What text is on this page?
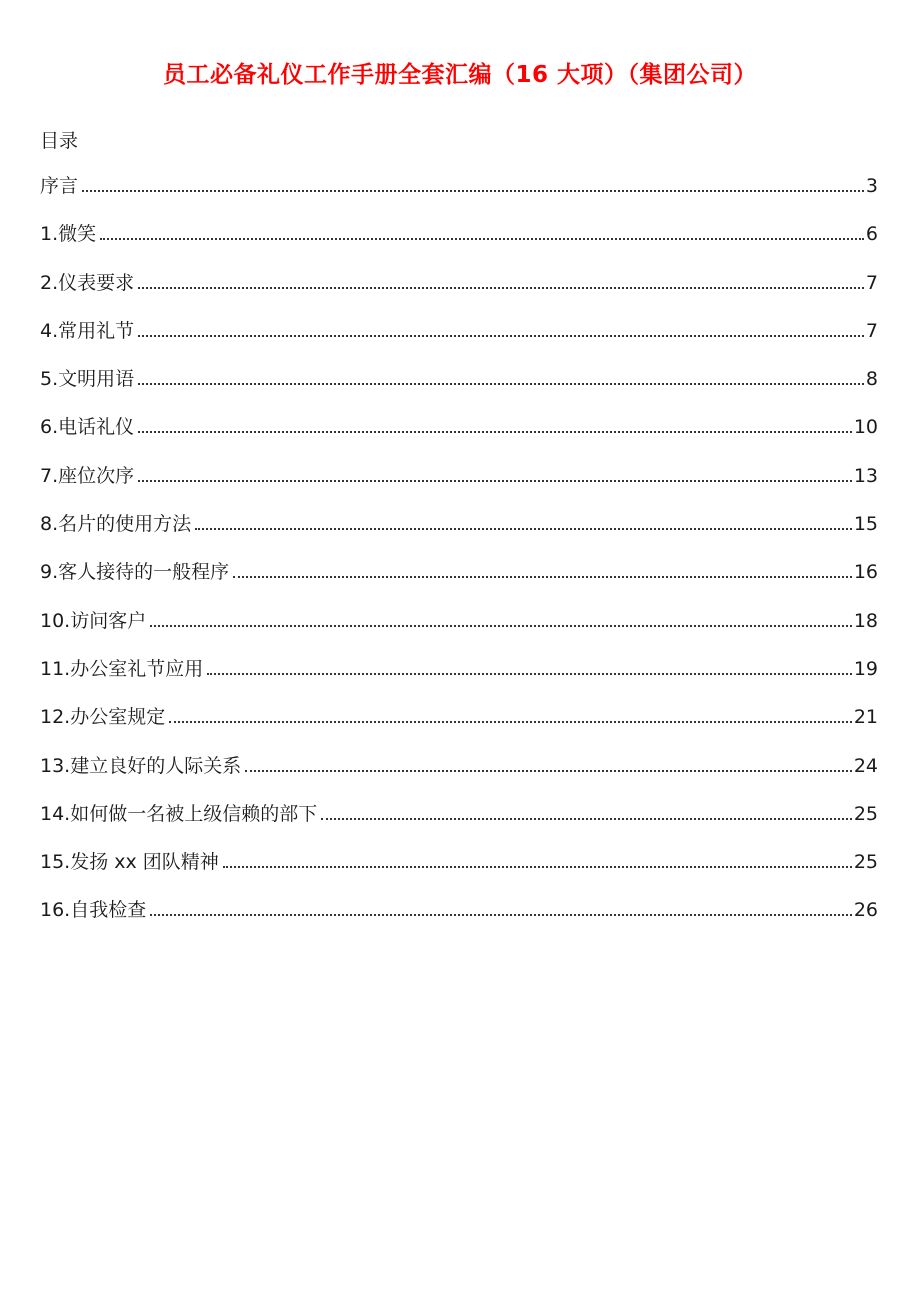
员工必备礼仪工作手册全套汇编（16 大项）（集团公司）
目录
序言	3
1.微笑	6
2.仪表要求	7
4.常用礼节	7
5.文明用语	8
6.电话礼仪	10
7.座位次序	13
8.名片的使用方法	15
9.客人接待的一般程序	16
10.访问客户	18
11.办公室礼节应用	19
12.办公室规定	21
13.建立良好的人际关系	24
14.如何做一名被上级信赖的部下	25
15.发扬 xx 团队精神	25
16.自我检查	26
